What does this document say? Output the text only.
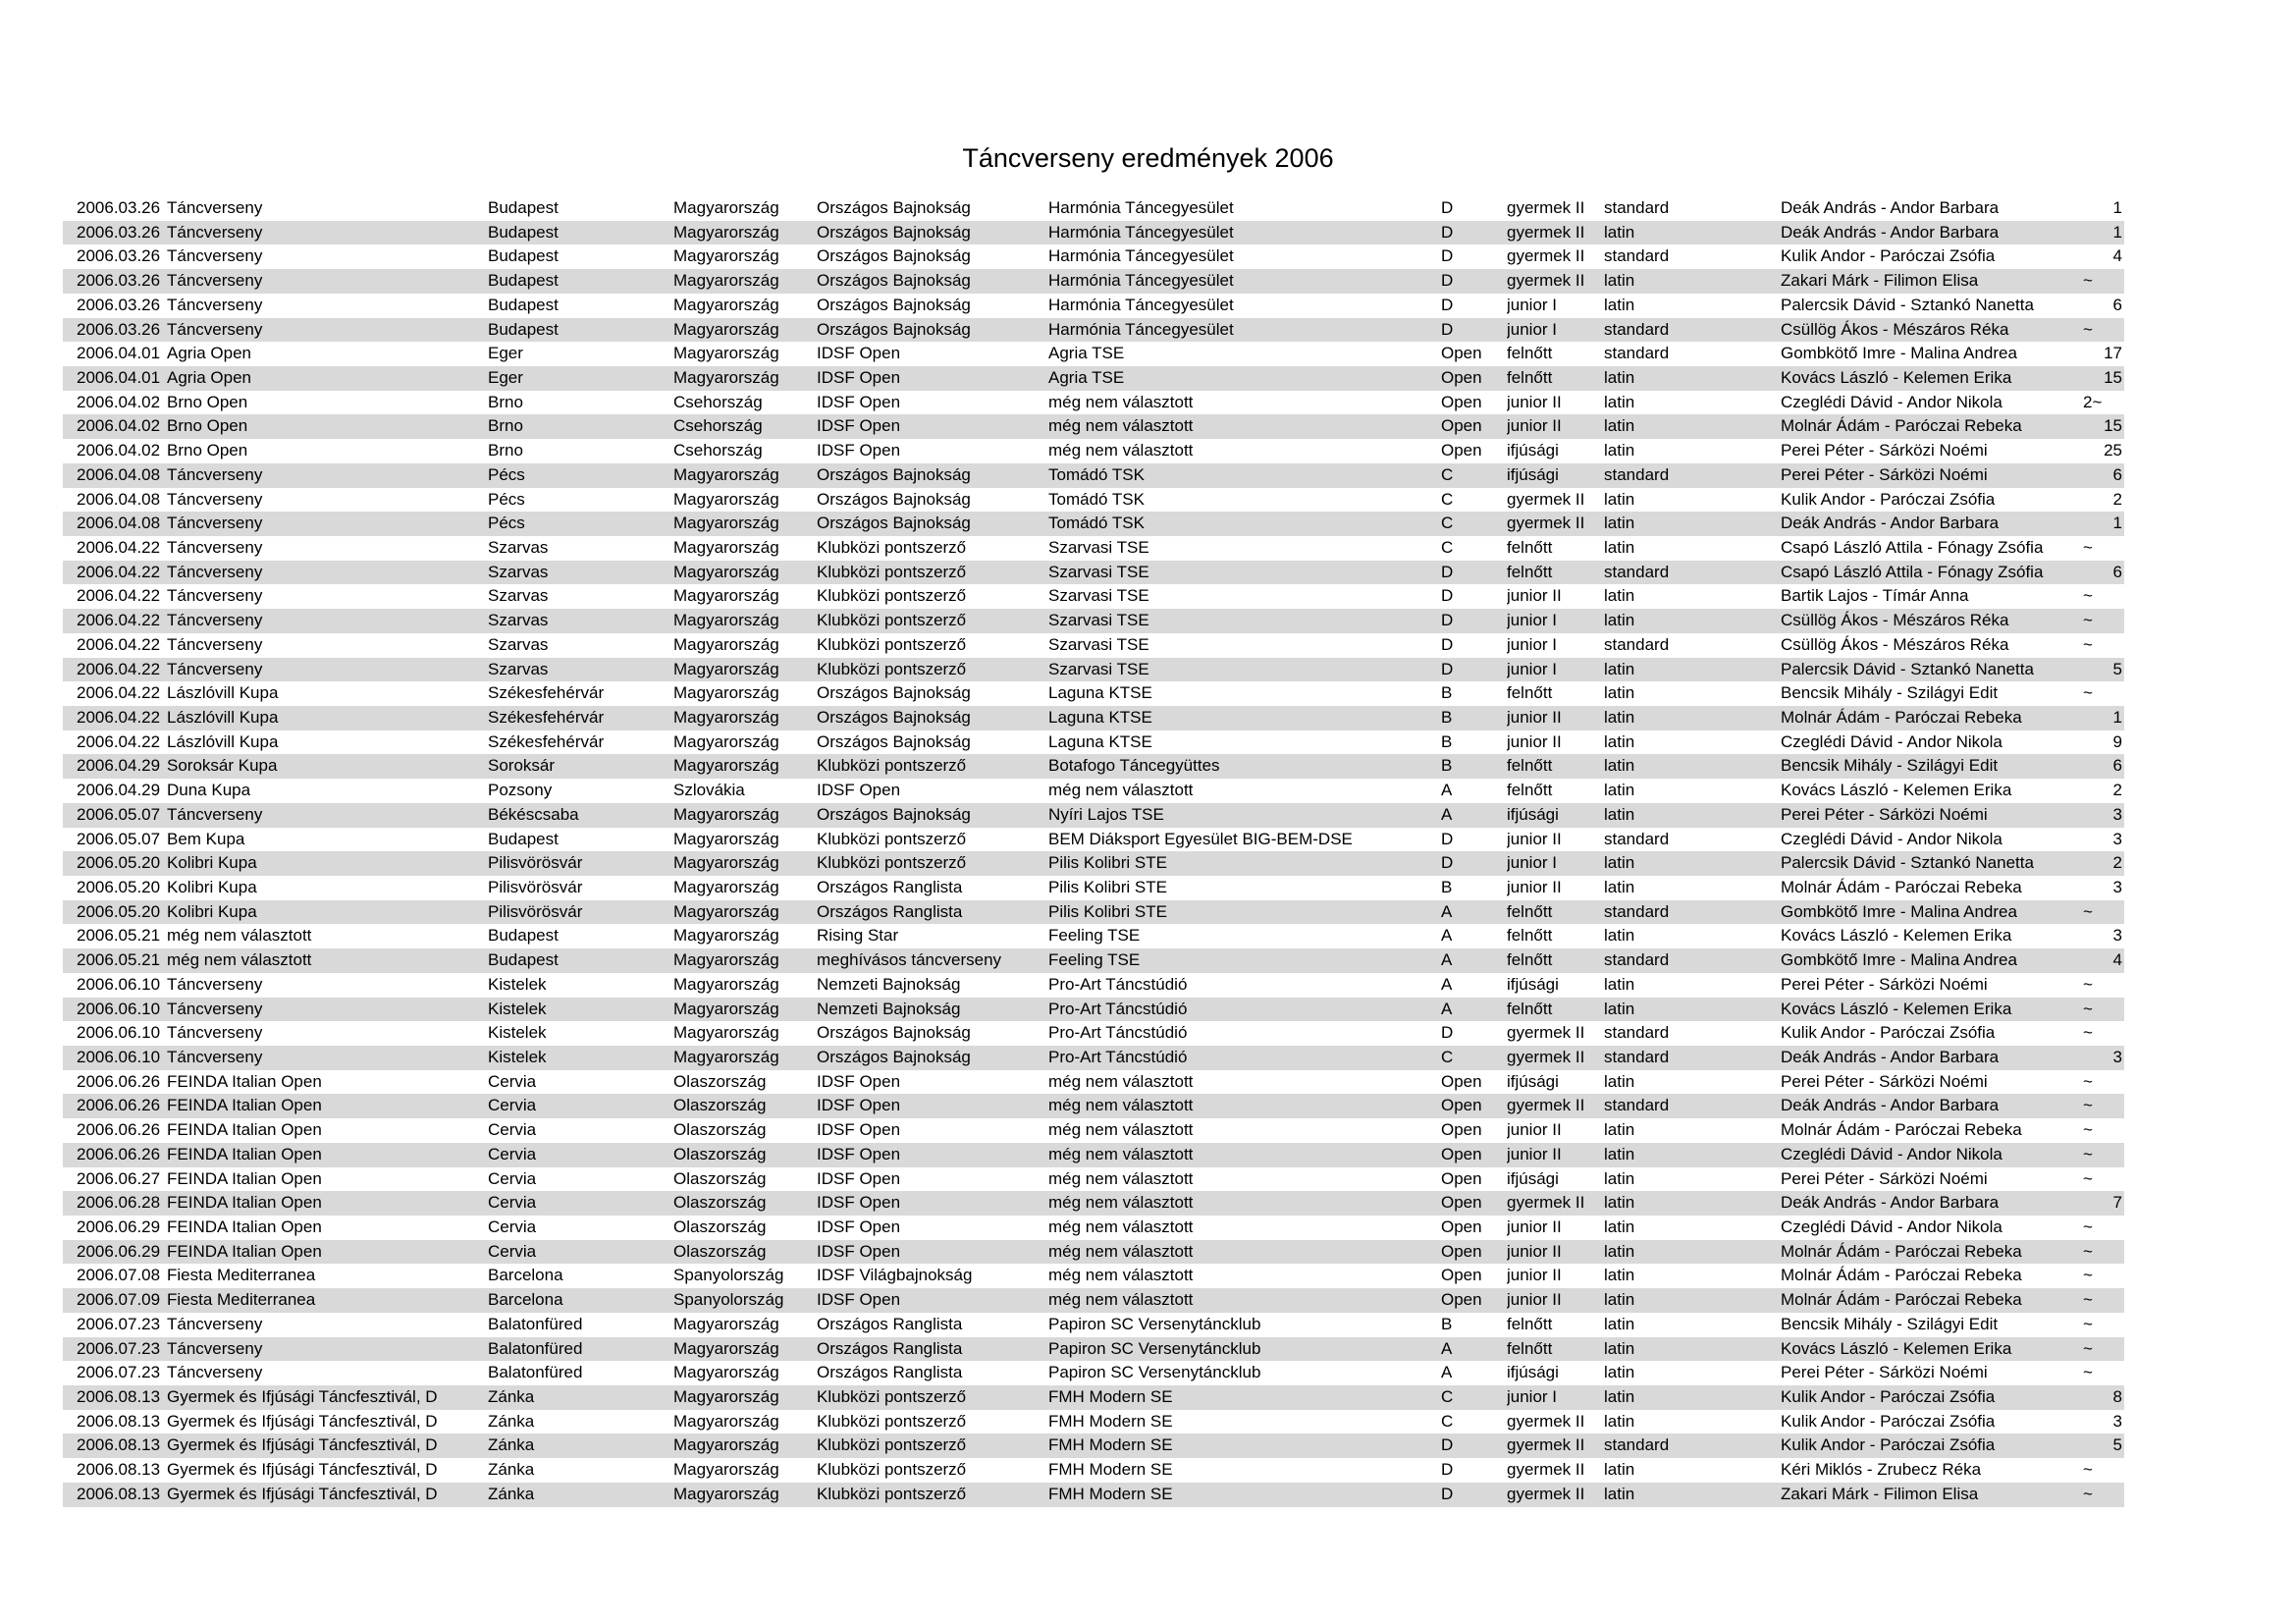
Táncverseny eredmények 2006
2006.03.26 Táncverseny	Budapest	Magyarország	Országos Bajnokság	Harmónia Táncegyesület	D	gyermek II	standard	Deák András - Andor Barbara	1
2006.03.26 Táncverseny	Budapest	Magyarország	Országos Bajnokság	Harmónia Táncegyesület	D	gyermek II	latin	Deák András - Andor Barbara	1
2006.03.26 Táncverseny	Budapest	Magyarország	Országos Bajnokság	Harmónia Táncegyesület	D	gyermek II	standard	Kulik Andor - Paróczai Zsófia	4
2006.03.26 Táncverseny	Budapest	Magyarország	Országos Bajnokság	Harmónia Táncegyesület	D	gyermek II	latin	Zakari Márk - Filimon Elisa	~
2006.03.26 Táncverseny	Budapest	Magyarország	Országos Bajnokság	Harmónia Táncegyesület	D	junior I	latin	Palercsik Dávid - Sztankó Nanetta	6
2006.03.26 Táncverseny	Budapest	Magyarország	Országos Bajnokság	Harmónia Táncegyesület	D	junior I	standard	Csüllög Ákos - Mészáros Réka	~
2006.04.01 Agria Open	Eger	Magyarország	IDSF Open	Agria TSE	Open	felnőtt	standard	Gombkötő Imre - Malina Andrea	17
2006.04.01 Agria Open	Eger	Magyarország	IDSF Open	Agria TSE	Open	felnőtt	latin	Kovács László - Kelemen Erika	15
2006.04.02 Brno Open	Brno	Csehország	IDSF Open	még nem választott	Open	junior II	latin	Czeglédi Dávid - Andor Nikola	2~
2006.04.02 Brno Open	Brno	Csehország	IDSF Open	még nem választott	Open	junior II	latin	Molnár Ádám - Paróczai Rebeka	15
2006.04.02 Brno Open	Brno	Csehország	IDSF Open	még nem választott	Open	ifjúsági	latin	Perei Péter - Sárközi Noémi	25
2006.04.08 Táncverseny	Pécs	Magyarország	Országos Bajnokság	Tomádó TSK	C	ifjúsági	standard	Perei Péter - Sárközi Noémi	6
2006.04.08 Táncverseny	Pécs	Magyarország	Országos Bajnokság	Tomádó TSK	C	gyermek II	latin	Kulik Andor - Paróczai Zsófia	2
2006.04.08 Táncverseny	Pécs	Magyarország	Országos Bajnokság	Tomádó TSK	C	gyermek II	latin	Deák András - Andor Barbara	1
2006.04.22 Táncverseny	Szarvas	Magyarország	Klubközi pontszerző	Szarvasi TSE	C	felnőtt	latin	Csapó László Attila - Fónagy Zsófia	~
2006.04.22 Táncverseny	Szarvas	Magyarország	Klubközi pontszerző	Szarvasi TSE	D	felnőtt	standard	Csapó László Attila - Fónagy Zsófia	6
2006.04.22 Táncverseny	Szarvas	Magyarország	Klubközi pontszerző	Szarvasi TSE	D	junior II	latin	Bartik Lajos - Tímár Anna	~
2006.04.22 Táncverseny	Szarvas	Magyarország	Klubközi pontszerző	Szarvasi TSE	D	junior I	latin	Csüllög Ákos - Mészáros Réka	~
2006.04.22 Táncverseny	Szarvas	Magyarország	Klubközi pontszerző	Szarvasi TSE	D	junior I	standard	Csüllög Ákos - Mészáros Réka	~
2006.04.22 Táncverseny	Szarvas	Magyarország	Klubközi pontszerző	Szarvasi TSE	D	junior I	latin	Palercsik Dávid - Sztankó Nanetta	5
2006.04.22 Lászlóvill Kupa	Székesfehérvár	Magyarország	Országos Bajnokság	Laguna KTSE	B	felnőtt	latin	Bencsik Mihály - Szilágyi Edit	~
2006.04.22 Lászlóvill Kupa	Székesfehérvár	Magyarország	Országos Bajnokság	Laguna KTSE	B	junior II	latin	Molnár Ádám - Paróczai Rebeka	1
2006.04.22 Lászlóvill Kupa	Székesfehérvár	Magyarország	Országos Bajnokság	Laguna KTSE	B	junior II	latin	Czeglédi Dávid - Andor Nikola	9
2006.04.29 Soroksár Kupa	Soroksár	Magyarország	Klubközi pontszerző	Botafogo Táncegyüttes	B	felnőtt	latin	Bencsik Mihály - Szilágyi Edit	6
2006.04.29 Duna Kupa	Pozsony	Szlovákia	IDSF Open	még nem választott	A	felnőtt	latin	Kovács László - Kelemen Erika	2
2006.05.07 Táncverseny	Békéscsaba	Magyarország	Országos Bajnokság	Nyíri Lajos TSE	A	ifjúsági	latin	Perei Péter - Sárközi Noémi	3
2006.05.07 Bem Kupa	Budapest	Magyarország	Klubközi pontszerző	BEM Diáksport Egyesület BIG-BEM-DSE	D	junior II	standard	Czeglédi Dávid - Andor Nikola	3
2006.05.20 Kolibri Kupa	Pilisvörösvár	Magyarország	Klubközi pontszerző	Pilis Kolibri STE	D	junior I	latin	Palercsik Dávid - Sztankó Nanetta	2
2006.05.20 Kolibri Kupa	Pilisvörösvár	Magyarország	Országos Ranglista	Pilis Kolibri STE	B	junior II	latin	Molnár Ádám - Paróczai Rebeka	3
2006.05.20 Kolibri Kupa	Pilisvörösvár	Magyarország	Országos Ranglista	Pilis Kolibri STE	A	felnőtt	standard	Gombkötő Imre - Malina Andrea	~
2006.05.21 még nem választott	Budapest	Magyarország	Rising Star	Feeling TSE	A	felnőtt	latin	Kovács László - Kelemen Erika	3
2006.05.21 még nem választott	Budapest	Magyarország	meghívásos táncverseny	Feeling TSE	A	felnőtt	standard	Gombkötő Imre - Malina Andrea	4
2006.06.10 Táncverseny	Kistelek	Magyarország	Nemzeti Bajnokság	Pro-Art Táncstúdió	A	ifjúsági	latin	Perei Péter - Sárközi Noémi	~
2006.06.10 Táncverseny	Kistelek	Magyarország	Nemzeti Bajnokság	Pro-Art Táncstúdió	A	felnőtt	latin	Kovács László - Kelemen Erika	~
2006.06.10 Táncverseny	Kistelek	Magyarország	Országos Bajnokság	Pro-Art Táncstúdió	D	gyermek II	standard	Kulik Andor - Paróczai Zsófia	~
2006.06.10 Táncverseny	Kistelek	Magyarország	Országos Bajnokság	Pro-Art Táncstúdió	C	gyermek II	standard	Deák András - Andor Barbara	3
2006.06.26 FEINDA Italian Open	Cervia	Olaszország	IDSF Open	még nem választott	Open	ifjúsági	latin	Perei Péter - Sárközi Noémi	~
2006.06.26 FEINDA Italian Open	Cervia	Olaszország	IDSF Open	még nem választott	Open	gyermek II	standard	Deák András - Andor Barbara	~
2006.06.26 FEINDA Italian Open	Cervia	Olaszország	IDSF Open	még nem választott	Open	junior II	latin	Molnár Ádám - Paróczai Rebeka	~
2006.06.26 FEINDA Italian Open	Cervia	Olaszország	IDSF Open	még nem választott	Open	junior II	latin	Czeglédi Dávid - Andor Nikola	~
2006.06.27 FEINDA Italian Open	Cervia	Olaszország	IDSF Open	még nem választott	Open	ifjúsági	latin	Perei Péter - Sárközi Noémi	~
2006.06.28 FEINDA Italian Open	Cervia	Olaszország	IDSF Open	még nem választott	Open	gyermek II	latin	Deák András - Andor Barbara	7
2006.06.29 FEINDA Italian Open	Cervia	Olaszország	IDSF Open	még nem választott	Open	junior II	latin	Czeglédi Dávid - Andor Nikola	~
2006.06.29 FEINDA Italian Open	Cervia	Olaszország	IDSF Open	még nem választott	Open	junior II	latin	Molnár Ádám - Paróczai Rebeka	~
2006.07.08 Fiesta Mediterranea	Barcelona	Spanyolország	IDSF Világbajnokság	még nem választott	Open	junior II	latin	Molnár Ádám - Paróczai Rebeka	~
2006.07.09 Fiesta Mediterranea	Barcelona	Spanyolország	IDSF Open	még nem választott	Open	junior II	latin	Molnár Ádám - Paróczai Rebeka	~
2006.07.23 Táncverseny	Balatonfüred	Magyarország	Országos Ranglista	Papiron SC Versenytáncklub	B	felnőtt	latin	Bencsik Mihály - Szilágyi Edit	~
2006.07.23 Táncverseny	Balatonfüred	Magyarország	Országos Ranglista	Papiron SC Versenytáncklub	A	felnőtt	latin	Kovács László - Kelemen Erika	~
2006.07.23 Táncverseny	Balatonfüred	Magyarország	Országos Ranglista	Papiron SC Versenytáncklub	A	ifjúsági	latin	Perei Péter - Sárközi Noémi	~
2006.08.13 Gyermek és Ifjúsági Táncfesztivál, D	Zánka	Magyarország	Klubközi pontszerző	FMH Modern SE	C	junior I	latin	Kulik Andor - Paróczai Zsófia	8
2006.08.13 Gyermek és Ifjúsági Táncfesztivál, D	Zánka	Magyarország	Klubközi pontszerző	FMH Modern SE	C	gyermek II	latin	Kulik Andor - Paróczai Zsófia	3
2006.08.13 Gyermek és Ifjúsági Táncfesztivál, D	Zánka	Magyarország	Klubközi pontszerző	FMH Modern SE	D	gyermek II	standard	Kulik Andor - Paróczai Zsófia	5
2006.08.13 Gyermek és Ifjúsági Táncfesztivál, D	Zánka	Magyarország	Klubközi pontszerző	FMH Modern SE	D	gyermek II	latin	Kéri Miklós - Zrubecz Réka	~
2006.08.13 Gyermek és Ifjúsági Táncfesztivál, D	Zánka	Magyarország	Klubközi pontszerző	FMH Modern SE	D	gyermek II	latin	Zakari Márk - Filimon Elisa	~
